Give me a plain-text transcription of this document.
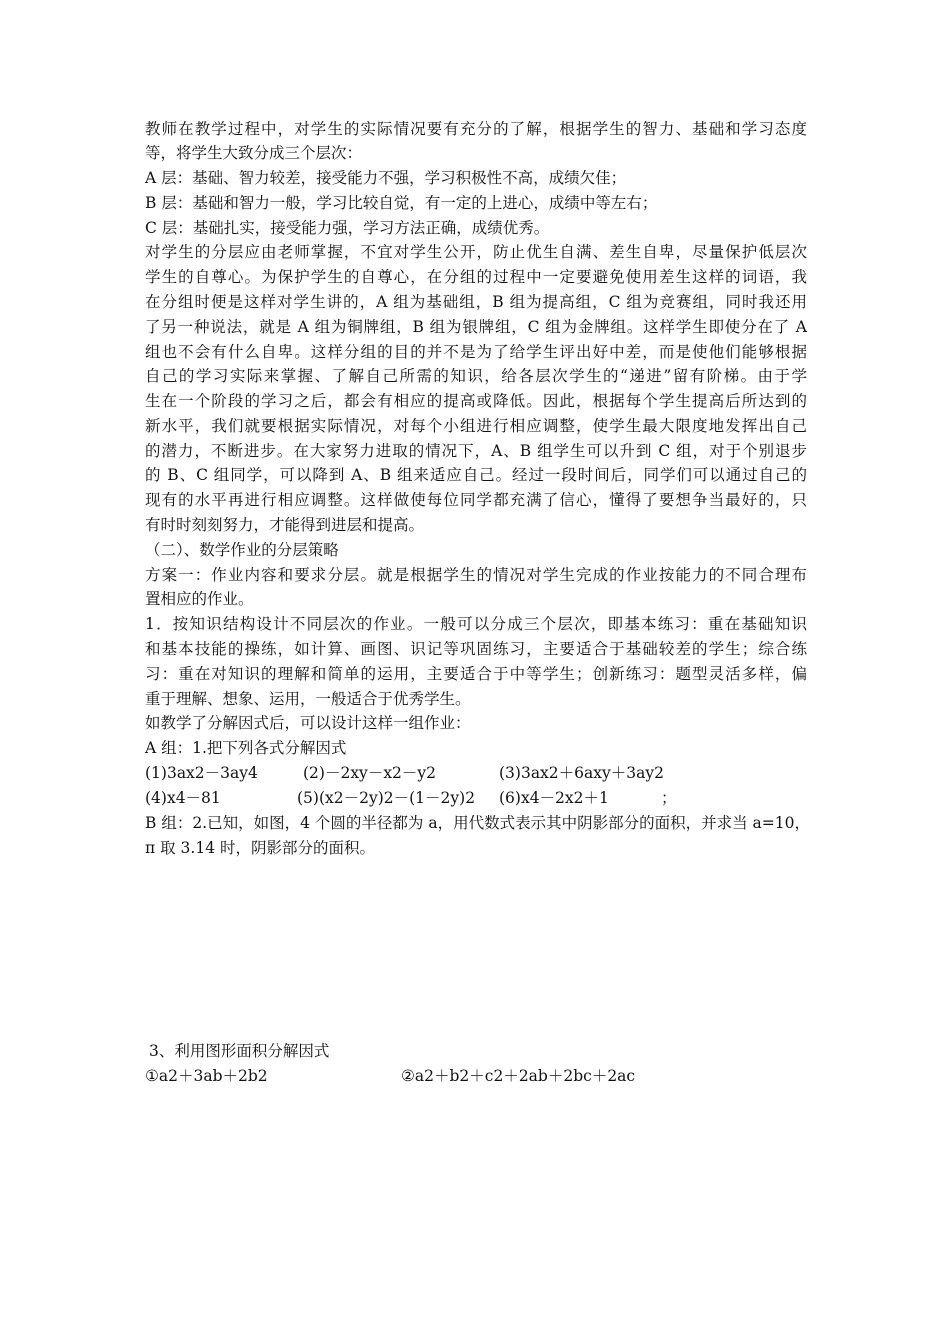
教师在教学过程中，对学生的实际情况要有充分的了解，根据学生的智力、基础和学习态度
等，将学生大致分成三个层次：
A 层：基础、智力较差，接受能力不强，学习积极性不高，成绩欠佳；
B 层：基础和智力一般，学习比较自觉，有一定的上进心，成绩中等左右；
C 层：基础扎实，接受能力强，学习方法正确，成绩优秀。
对学生的分层应由老师掌握，不宜对学生公开，防止优生自满、差生自卑，尽量保护低层次
学生的自尊心。为保护学生的自尊心，在分组的过程中一定要避免使用差生这样的词语，我
在分组时便是这样对学生讲的，A 组为基础组，B 组为提高组，C 组为竞赛组，同时我还用
了另一种说法，就是 A 组为铜牌组，B 组为银牌组，C 组为金牌组。这样学生即使分在了 A
组也不会有什么自卑。这样分组的目的并不是为了给学生评出好中差，而是使他们能够根据
自己的学习实际来掌握、了解自己所需的知识，给各层次学生的“递进”留有阶梯。由于学
生在一个阶段的学习之后，都会有相应的提高或降低。因此，根据每个学生提高后所达到的
新水平，我们就要根据实际情况，对每个小组进行相应调整，使学生最大限度地发挥出自己
的潜力，不断进步。在大家努力进取的情况下，A、B 组学生可以升到 C 组，对于个别退步
的 B、C 组同学，可以降到 A、B 组来适应自己。经过一段时间后，同学们可以通过自己的
现有的水平再进行相应调整。这样做使每位同学都充满了信心，懂得了要想争当最好的，只
有时时刻刻努力，才能得到进层和提高。
（二）、数学作业的分层策略
方案一：作业内容和要求分层。就是根据学生的情况对学生完成的作业按能力的不同合理布
置相应的作业。
1．按知识结构设计不同层次的作业。一般可以分成三个层次，即基本练习：重在基础知识
和基本技能的操练，如计算、画图、识记等巩固练习，主要适合于基础较差的学生；综合练
习：重在对知识的理解和简单的运用，主要适合于中等学生；创新练习：题型灵活多样，偏
重于理解、想象、运用，一般适合于优秀学生。
如教学了分解因式后，可以设计这样一组作业：
A 组：1.把下列各式分解因式
(1)3ax2－3ay4	(2)－2xy－x2－y2	(3)3ax2＋6axy＋3ay2
(4)x4－81	(5)(x2－2y)2－(1－2y)2 (6)x4－2x2＋1	；
B 组：2.已知，如图，4 个圆的半径都为 a，用代数式表示其中阴影部分的面积，并求当 a=10，
π 取 3.14 时，阴影部分的面积。
3、利用图形面积分解因式
①a2＋3ab＋2b2	②a2＋b2＋c2＋2ab＋2bc＋2ac
